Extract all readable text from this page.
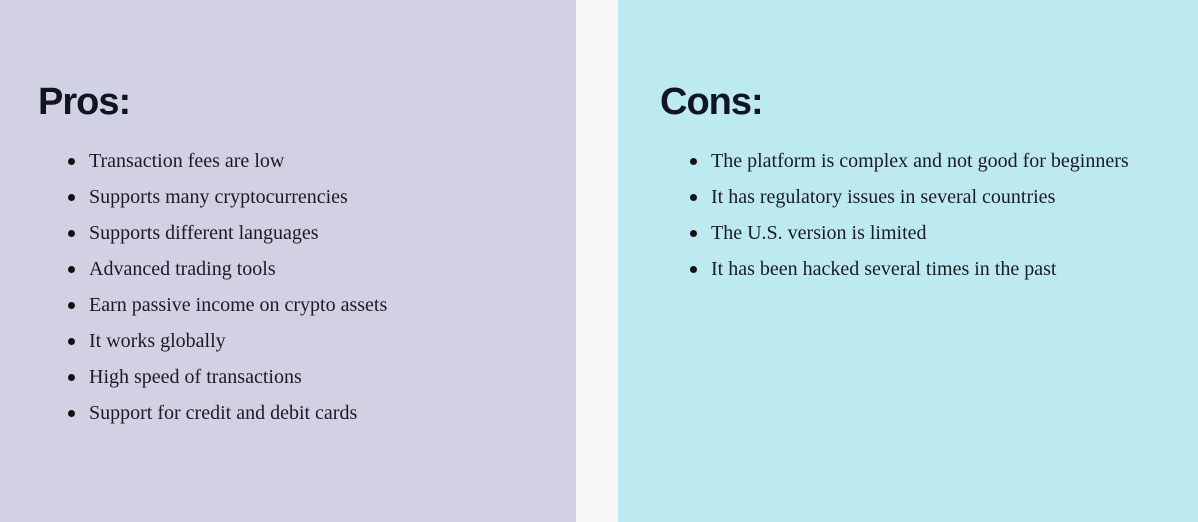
Pros:
Transaction fees are low
Supports many cryptocurrencies
Supports different languages
Advanced trading tools
Earn passive income on crypto assets
It works globally
High speed of transactions
Support for credit and debit cards
Cons:
The platform is complex and not good for beginners
It has regulatory issues in several countries
The U.S. version is limited
It has been hacked several times in the past
